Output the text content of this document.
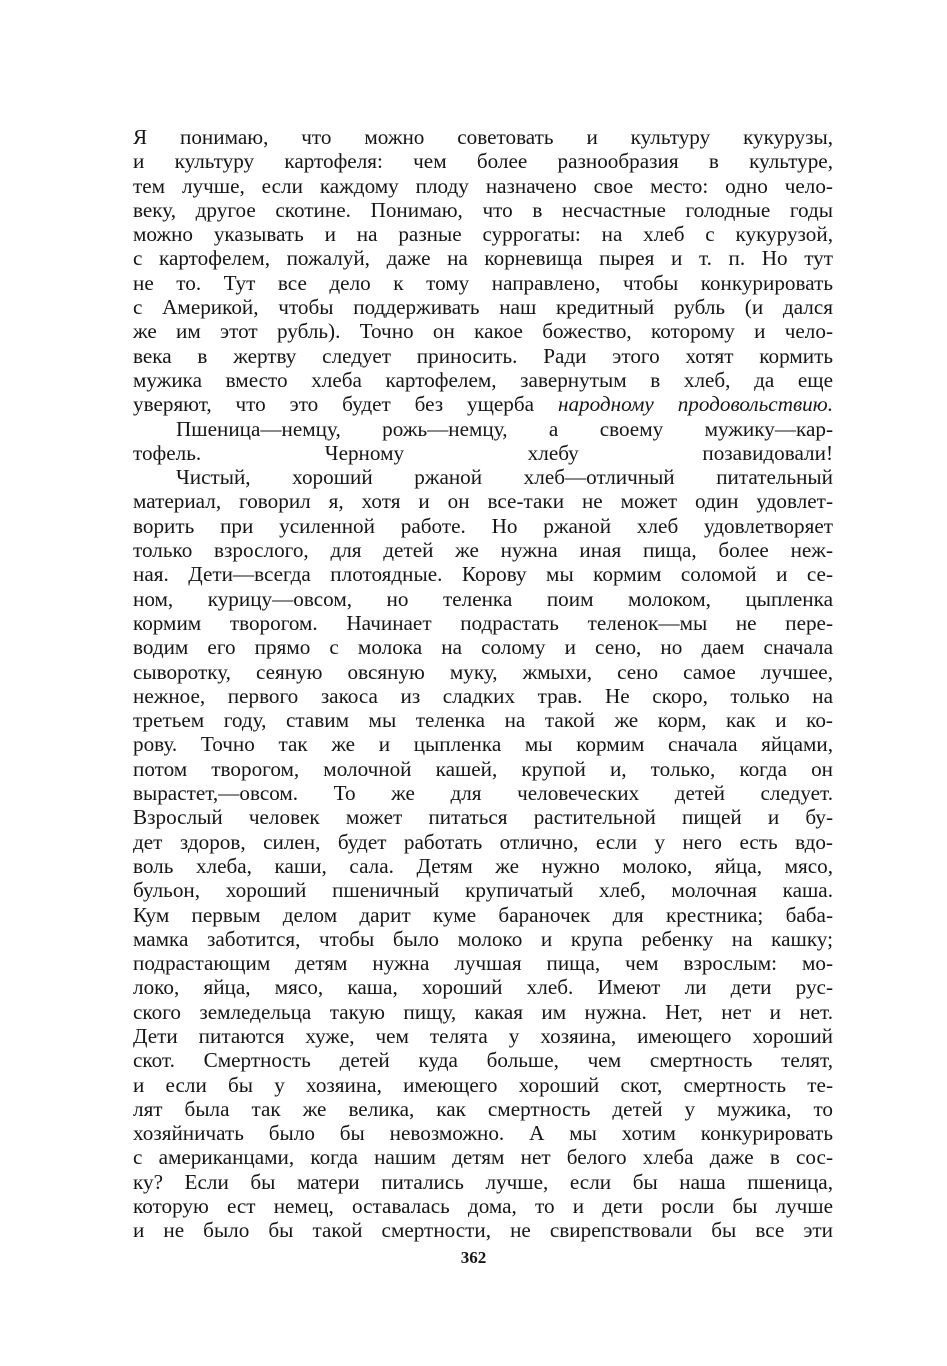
Я понимаю, что можно советовать и культуру кукурузы,
и культуру картофеля: чем более разнообразия в культуре,
тем лучше, если каждому плоду назначено свое место: одно чело-
веку, другое скотине. Понимаю, что в несчастные голодные годы
можно указывать и на разные суррогаты: на хлеб с кукурузой,
с картофелем, пожалуй, даже на корневища пырея и т. п. Но тут
не то. Тут все дело к тому направлено, чтобы конкурировать
с Америкой, чтобы поддерживать наш кредитный рубль (и дался
же им этот рубль). Точно он какое божество, которому и чело-
века в жертву следует приносить. Ради этого хотят кормить
мужика вместо хлеба картофелем, завернутым в хлеб, да еще
уверяют, что это будет без ущерба народному продовольствию.
Пшеница—немцу, рожь—немцу, а своему мужику—кар-
тофель. Черному хлебу позавидовали!
Чистый, хороший ржаной хлеб—отличный питательный
материал, говорил я, хотя и он все-таки не может один удовлет-
ворить при усиленной работе. Но ржаной хлеб удовлетворяет
только взрослого, для детей же нужна иная пища, более неж-
ная. Дети—всегда плотоядные. Корову мы кормим соломой и се-
ном, курицу—овсом, но теленка поим молоком, цыпленка
кормим творогом. Начинает подрастать теленок—мы не пере-
водим его прямо с молока на солому и сено, но даем сначала
сыворотку, сеяную овсяную муку, жмыхи, сено самое лучшее,
нежное, первого закоса из сладких трав. Не скоро, только на
третьем году, ставим мы теленка на такой же корм, как и ко-
рову. Точно так же и цыпленка мы кормим сначала яйцами,
потом творогом, молочной кашей, крупой и, только, когда он
вырастет,—овсом. То же для человеческих детей следует.
Взрослый человек может питаться растительной пищей и бу-
дет здоров, силен, будет работать отлично, если у него есть вдо-
воль хлеба, каши, сала. Детям же нужно молоко, яйца, мясо,
бульон, хороший пшеничный крупичатый хлеб, молочная каша.
Кум первым делом дарит куме бараночек для крестника; баба-
мамка заботится, чтобы было молоко и крупа ребенку на кашку;
подрастающим детям нужна лучшая пища, чем взрослым: мо-
локо, яйца, мясо, каша, хороший хлеб. Имеют ли дети рус-
ского земледельца такую пищу, какая им нужна. Нет, нет и нет.
Дети питаются хуже, чем телята у хозяина, имеющего хороший
скот. Смертность детей куда больше, чем смертность телят,
и если бы у хозяина, имеющего хороший скот, смертность те-
лят была так же велика, как смертность детей у мужика, то
хозяйничать было бы невозможно. А мы хотим конкурировать
с американцами, когда нашим детям нет белого хлеба даже в сос-
ку? Если бы матери питались лучше, если бы наша пшеница,
которую ест немец, оставалась дома, то и дети росли бы лучше
и не было бы такой смертности, не свирепствовали бы все эти
362
